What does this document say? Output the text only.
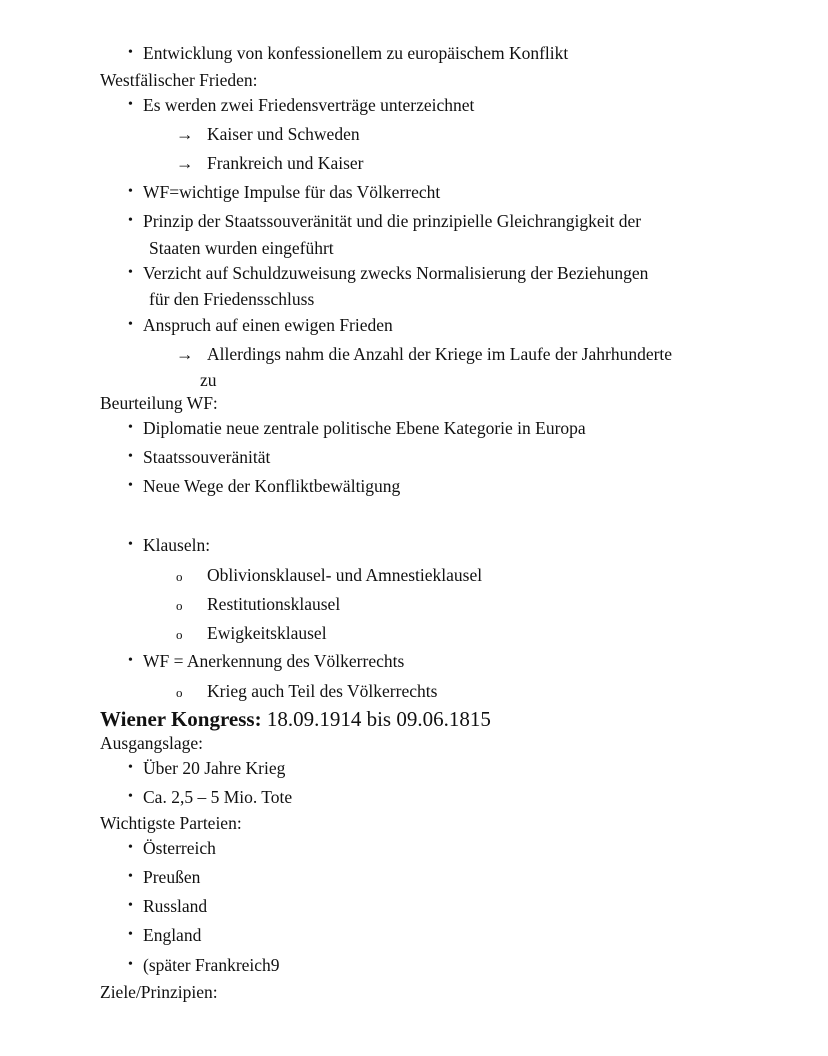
• Entwicklung von konfessionellem zu europäischem Konflikt
Westfälischer Frieden:
• Es werden zwei Friedensverträge unterzeichnet
→ Kaiser und Schweden
→ Frankreich und Kaiser
• WF=wichtige Impulse für das Völkerrecht
• Prinzip der Staatssouveränität und die prinzipielle Gleichrangigkeit der
Staaten wurden eingeführt
• Verzicht auf Schuldzuweisung zwecks Normalisierung der Beziehungen
für den Friedensschluss
• Anspruch auf einen ewigen Frieden
→ Allerdings nahm die Anzahl der Kriege im Laufe der Jahrhunderte
zu
Beurteilung WF:
• Diplomatie neue zentrale politische Ebene Kategorie in Europa
• Staatssouveränität
• Neue Wege der Konfliktbewältigung
• Klauseln:
o Oblivionsklausel- und Amnestieklausel
o Restitutionsklausel
o Ewigkeitsklausel
• WF = Anerkennung des Völkerrechts
o Krieg auch Teil des Völkerrechts
Wiener Kongress: 18.09.1914 bis 09.06.1815
Ausgangslage:
• Über 20 Jahre Krieg
• Ca. 2,5 – 5 Mio. Tote
Wichtigste Parteien:
• Österreich
• Preußen
• Russland
• England
• (später Frankreich9
Ziele/Prinzipien:
